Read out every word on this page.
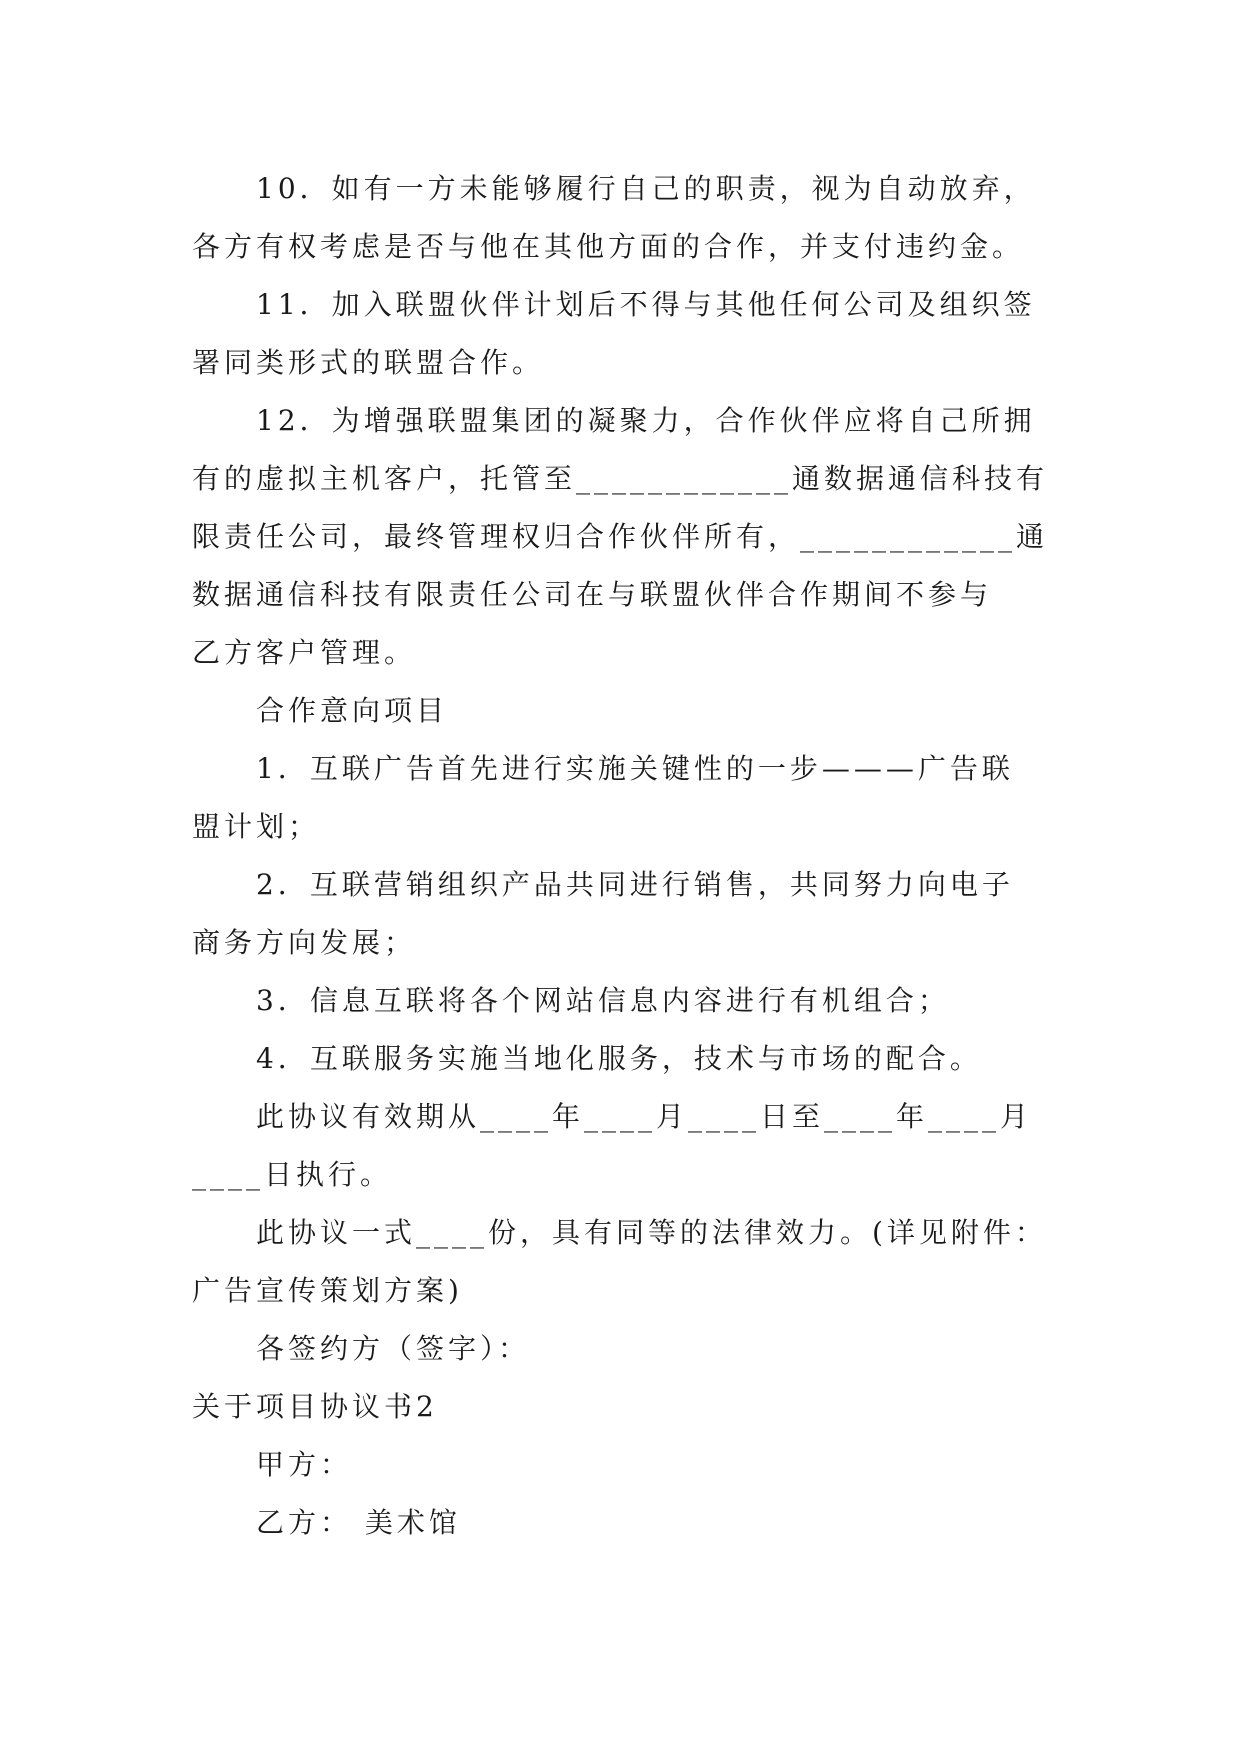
10．如有一方未能够履行自己的职责，视为自动放弃，
各方有权考虑是否与他在其他方面的合作，并支付违约金。
11．加入联盟伙伴计划后不得与其他任何公司及组织签
署同类形式的联盟合作。
12．为增强联盟集团的凝聚力，合作伙伴应将自己所拥
有的虚拟主机客户，托管至____________通数据通信科技有
限责任公司，最终管理权归合作伙伴所有，____________通
数据通信科技有限责任公司在与联盟伙伴合作期间不参与
乙方客户管理。
合作意向项目
1．互联广告首先进行实施关键性的一步———广告联
盟计划；
2．互联营销组织产品共同进行销售，共同努力向电子
商务方向发展；
3．信息互联将各个网站信息内容进行有机组合；
4．互联服务实施当地化服务，技术与市场的配合。
此协议有效期从____年____月____日至____年____月
____日执行。
此协议一式____份，具有同等的法律效力。(详见附件：
广告宣传策划方案)
各签约方（签字）：
关于项目协议书2
甲方：
乙方： 美术馆
